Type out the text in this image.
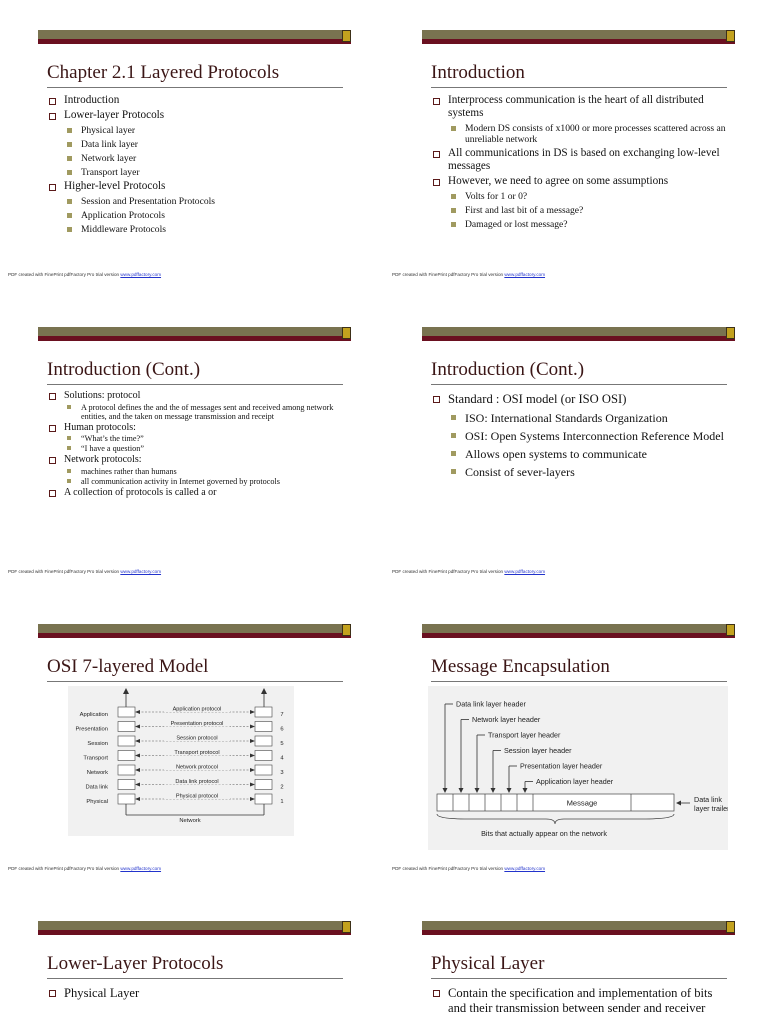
Chapter 2.1 Layered Protocols
Introduction
Lower-layer Protocols
Physical layer
Data link layer
Network layer
Transport layer
Higher-level Protocols
Session and Presentation Protocols
Application Protocols
Middleware Protocols
PDF created with FinePrint pdfFactory Pro trial version www.pdffactory.com
Introduction
Interprocess communication is the heart of all distributed systems
Modern DS consists of x1000 or more processes scattered across an unreliable network
All communications in DS is based on exchanging low-level messages
However, we need to agree on some assumptions
Volts for 1 or 0?
First and last bit of a message?
Damaged or lost message?
PDF created with FinePrint pdfFactory Pro trial version www.pdffactory.com
Introduction (Cont.)
Solutions: protocol
A protocol defines the and the of messages sent and received among network entities, and the taken on message transmission and receipt
Human protocols:
“What’s the time?”
“I have a question”
Network protocols:
machines rather than humans
all communication activity in Internet governed by protocols
A collection of protocols is called a or
PDF created with FinePrint pdfFactory Pro trial version www.pdffactory.com
Introduction (Cont.)
Standard : OSI model (or ISO OSI)
ISO: International Standards Organization
OSI: Open Systems Interconnection Reference Model
Allows open systems to communicate
Consist of sever-layers
PDF created with FinePrint pdfFactory Pro trial version www.pdffactory.com
OSI 7-layered Model
Application
Application protocol
7
Presentation
Presentation protocol
6
Session
Session protocol
5
Transport
Transport protocol
4
Network
Network protocol
3
Data link
Data link protocol
2
Physical
Physical protocol
1
Network
PDF created with FinePrint pdfFactory Pro trial version www.pdffactory.com
Message Encapsulation
Data link layer header
Network layer header
Transport layer header
Session layer header
Presentation layer header
Application layer header
Message	Data link
layer trailer
Bits that actually appear on the network
PDF created with FinePrint pdfFactory Pro trial version www.pdffactory.com
Lower-Layer Protocols
Physical Layer
Physical Layer
Contain the specification and implementation of bits and their transmission between sender and receiver
